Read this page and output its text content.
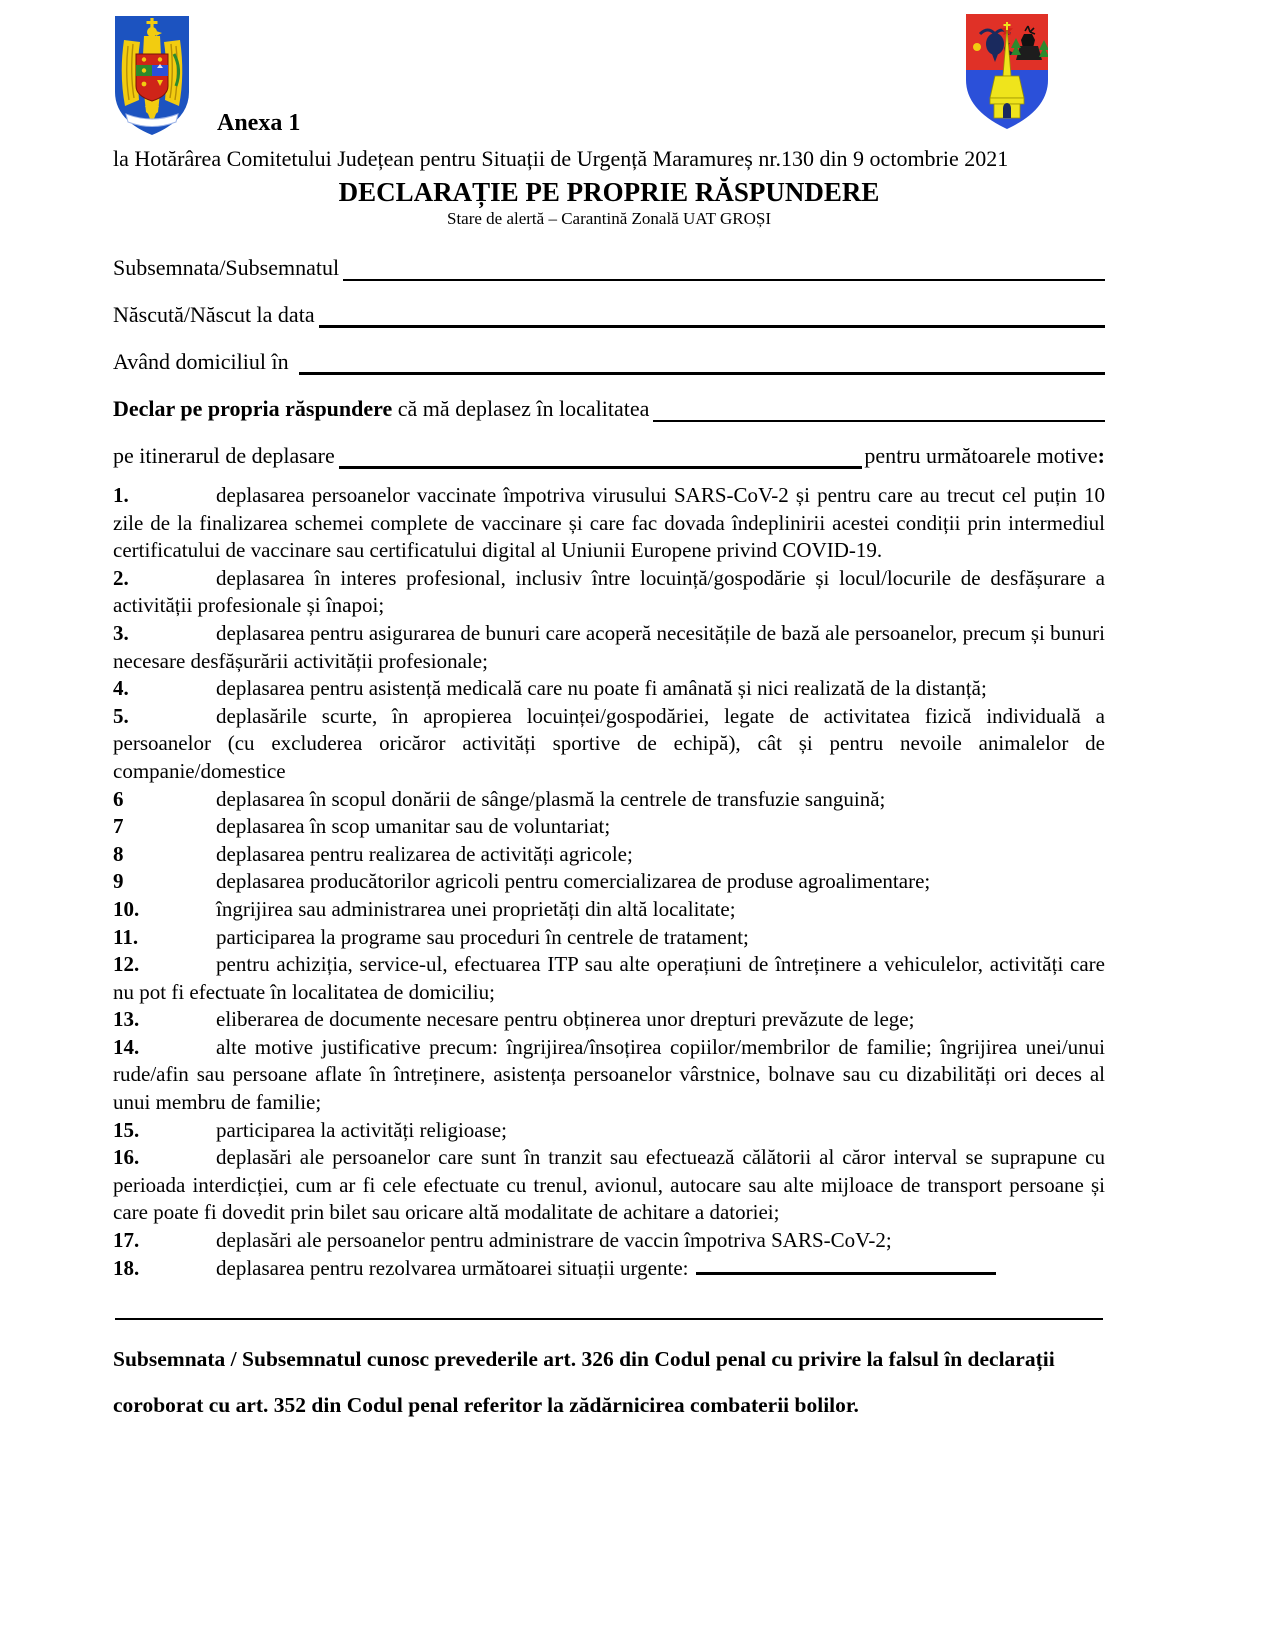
Anexa 1
la Hotărârea Comitetului Județean pentru Situații de Urgență Maramureș nr.130 din 9 octombrie 2021
DECLARAȚIE PE PROPRIE RĂSPUNDERE
Stare de alertă – Carantină Zonală UAT GROȘI
Subsemnata/Subsemnatul
Născută/Născut la data
Având domiciliul în
Declar pe propria răspundere că mă deplasez în localitatea
pe itinerarul de deplasare	pentru următoarele motive:

1.	deplasarea persoanelor vaccinate împotriva virusului SARS-CoV-2 și pentru care au trecut cel puțin 10 zile de la finalizarea schemei complete de vaccinare și care fac dovada îndeplinirii acestei condiții prin intermediul certificatului de vaccinare sau certificatului digital al Uniunii Europene privind COVID-19.

2.	deplasarea în interes profesional, inclusiv între locuință/gospodărie și locul/locurile de desfășurare a activității profesionale și înapoi;

3.	deplasarea pentru asigurarea de bunuri care acoperă necesitățile de bază ale persoanelor, precum și bunuri necesare desfășurării activității profesionale;

4.	deplasarea pentru asistență medicală care nu poate fi amânată și nici realizată de la distanță;

5.	deplasările scurte, în apropierea locuinței/gospodăriei, legate de activitatea fizică individuală a persoanelor (cu excluderea oricăror activități sportive de echipă), cât și pentru nevoile animalelor de companie/domestice

6	deplasarea în scopul donării de sânge/plasmă la centrele de transfuzie sanguină;

7	deplasarea în scop umanitar sau de voluntariat;

8	deplasarea pentru realizarea de activități agricole;

9	deplasarea producătorilor agricoli pentru comercializarea de produse agroalimentare;

10.	îngrijirea sau administrarea unei proprietăți din altă localitate;

11.	participarea la programe sau proceduri în centrele de tratament;

12.	pentru achiziția, service-ul, efectuarea ITP sau alte operațiuni de întreținere a vehiculelor, activități care nu pot fi efectuate în localitatea de domiciliu;

13.	eliberarea de documente necesare pentru obținerea unor drepturi prevăzute de lege;

14.	alte motive justificative precum: îngrijirea/însoțirea copiilor/membrilor de familie; îngrijirea unei/unui rude/afin sau persoane aflate în întreținere, asistența persoanelor vârstnice, bolnave sau cu dizabilități ori deces al unui membru de familie;

15.	participarea la activități religioase;

16.	deplasări ale persoanelor care sunt în tranzit sau efectuează călătorii al căror interval se suprapune cu perioada interdicției, cum ar fi cele efectuate cu trenul, avionul, autocare sau alte mijloace de transport persoane și care poate fi dovedit prin bilet sau oricare altă modalitate de achitare a datoriei;

17.	deplasări ale persoanelor pentru administrare de vaccin împotriva SARS-CoV-2;

18.	deplasarea pentru rezolvarea următoarei situații urgente:

Subsemnata / Subsemnatul cunosc prevederile art. 326 din Codul penal cu privire la falsul în declarații coroborat cu art. 352 din Codul penal referitor la zădărnicirea combaterii bolilor.
